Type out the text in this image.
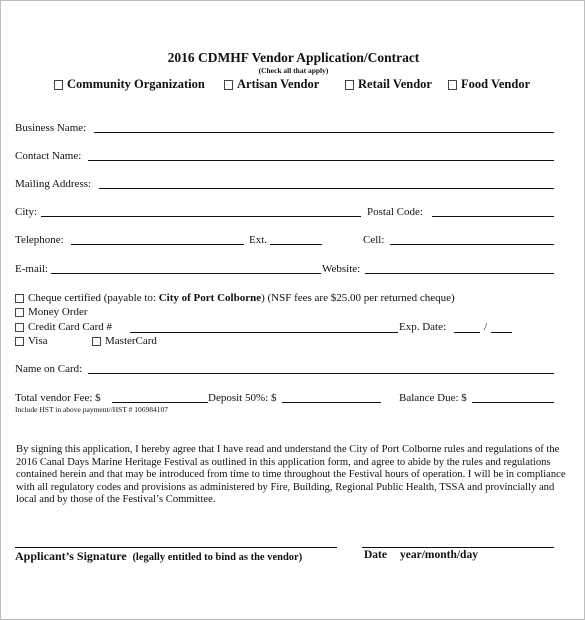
2016 CDMHF Vendor Application/Contract
(Check all that apply)
Community Organization	Artisan Vendor	Retail Vendor Food Vendor
Business Name:
Contact Name:
Mailing Address:
City:	Postal Code:
Telephone:	Ext.	Cell:
E-mail:	Website:
Cheque certified (payable to:
City of Port Colborne ) (NSF fees are $25.00 per returned cheque)
Money Order
Credit Card Card #	Exp. Date:	/
Visa	MasterCard
Name on Card:
Total vendor Fee: $	Deposit 50%: $	Balance Due: $
Include HST in above payment//HST # 106984107
By signing this application, I hereby agree that I have read and understand the City of Port Colborne rules and regulations of the
2016 Canal Days Marine Heritage Festival as outlined in this application form, and agree to abide by the rules and regulations
contained herein and that may be introduced from time to time throughout the Festival hours of operation. I will be in compliance
with all regulatory codes and provisions as administered by Fire, Building, Regional Public Health, TSSA and provincially and
local and by those of the Festival’s Committee.
Applicant’s Signature (legally entitled to bind as the vendor)	Date year/month/day
